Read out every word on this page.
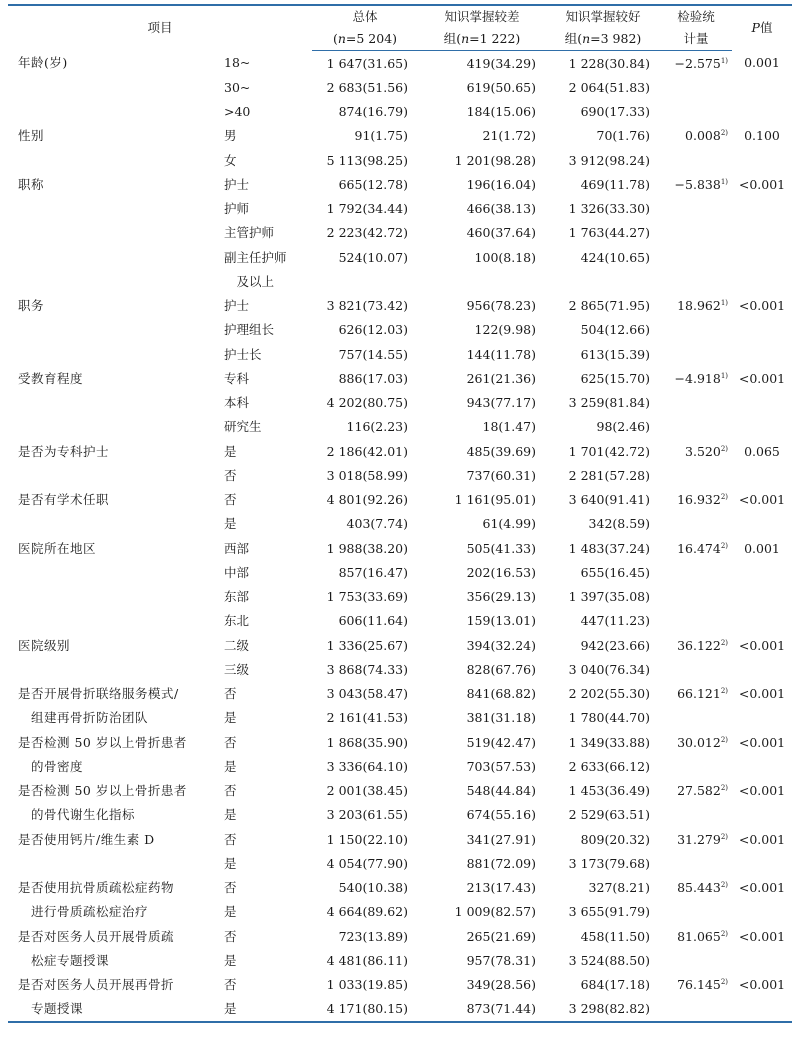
项目		总体	知识掌握较差	知识掌握较好	检验统	P值
		(n=5 204)	组(n=1 222)	组(n=3 982)	计量	
年龄(岁)	18~	1 647(31.65)	419(34.29)	1 228(30.84)	$-2.575^{1)}$	0.001
	30~	2 683(51.56)	619(50.65)	2 064(51.83)		
	>40	874(16.79)	184(15.06)	690(17.33)		
性别	男	91(1.75)	21(1.72)	70(1.76)	0.008$^{2)}$	0.100
	女	5 113(98.25)	1 201(98.28)	3 912(98.24)		
职称	护士	665(12.78)	196(16.04)	469(11.78)	$-5.838^{1)}$	<0.001
	护师	1 792(34.44)	466(38.13)	1 326(33.30)		
	主管护师	2 223(42.72)	460(37.64)	1 763(44.27)		
	副主任护师	524(10.07)	100(8.18)	424(10.65)		
	　及以上					
职务	护士	3 821(73.42)	956(78.23)	2 865(71.95)	$18.962^{1)}$	<0.001
	护理组长	626(12.03)	122(9.98)	504(12.66)		
	护士长	757(14.55)	144(11.78)	613(15.39)		
受教育程度	专科	886(17.03)	261(21.36)	625(15.70)	$-4.918^{1)}$	<0.001
	本科	4 202(80.75)	943(77.17)	3 259(81.84)		
	研究生	116(2.23)	18(1.47)	98(2.46)		
是否为专科护士	是	2 186(42.01)	485(39.69)	1 701(42.72)	3.520$^{2)}$	0.065
	否	3 018(58.99)	737(60.31)	2 281(57.28)		
是否有学术任职	否	4 801(92.26)	1 161(95.01)	3 640(91.41)	$16.932^{2)}$	<0.001
	是	403(7.74)	61(4.99)	342(8.59)		
医院所在地区	西部	1 988(38.20)	505(41.33)	1 483(37.24)	16.474$^{2)}$	0.001
	中部	857(16.47)	202(16.53)	655(16.45)		
	东部	1 753(33.69)	356(29.13)	1 397(35.08)		
	东北	606(11.64)	159(13.01)	447(11.23)		
医院级别	二级	1 336(25.67)	394(32.24)	942(23.66)	$36.122^{2)}$	<0.001
	三级	3 868(74.33)	828(67.76)	3 040(76.34)		
是否开展骨折联络服务模式/	否	3 043(58.47)	841(68.82)	2 202(55.30)	$66.121^{2)}$	<0.001
　组建再骨折防治团队	是	2 161(41.53)	381(31.18)	1 780(44.70)		
是否检测 50 岁以上骨折患者	否	1 868(35.90)	519(42.47)	1 349(33.88)	$30.012^{2)}$	<0.001
　的骨密度	是	3 336(64.10)	703(57.53)	2 633(66.12)		
是否检测 50 岁以上骨折患者	否	2 001(38.45)	548(44.84)	1 453(36.49)	$27.582^{2)}$	<0.001
　的骨代谢生化指标	是	3 203(61.55)	674(55.16)	2 529(63.51)		
是否使用钙片/维生素 D	否	1 150(22.10)	341(27.91)	809(20.32)	$31.279^{2)}$	<0.001
	是	4 054(77.90)	881(72.09)	3 173(79.68)		
是否使用抗骨质疏松症药物	否	540(10.38)	213(17.43)	327(8.21)	$85.443^{2)}$	<0.001
　进行骨质疏松症治疗	是	4 664(89.62)	1 009(82.57)	3 655(91.79)		
是否对医务人员开展骨质疏	否	723(13.89)	265(21.69)	458(11.50)	$81.065^{2)}$	<0.001
　松症专题授课	是	4 481(86.11)	957(78.31)	3 524(88.50)		
是否对医务人员开展再骨折	否	1 033(19.85)	349(28.56)	684(17.18)	$76.145^{2)}$	<0.001
　专题授课	是	4 171(80.15)	873(71.44)	3 298(82.82)		
